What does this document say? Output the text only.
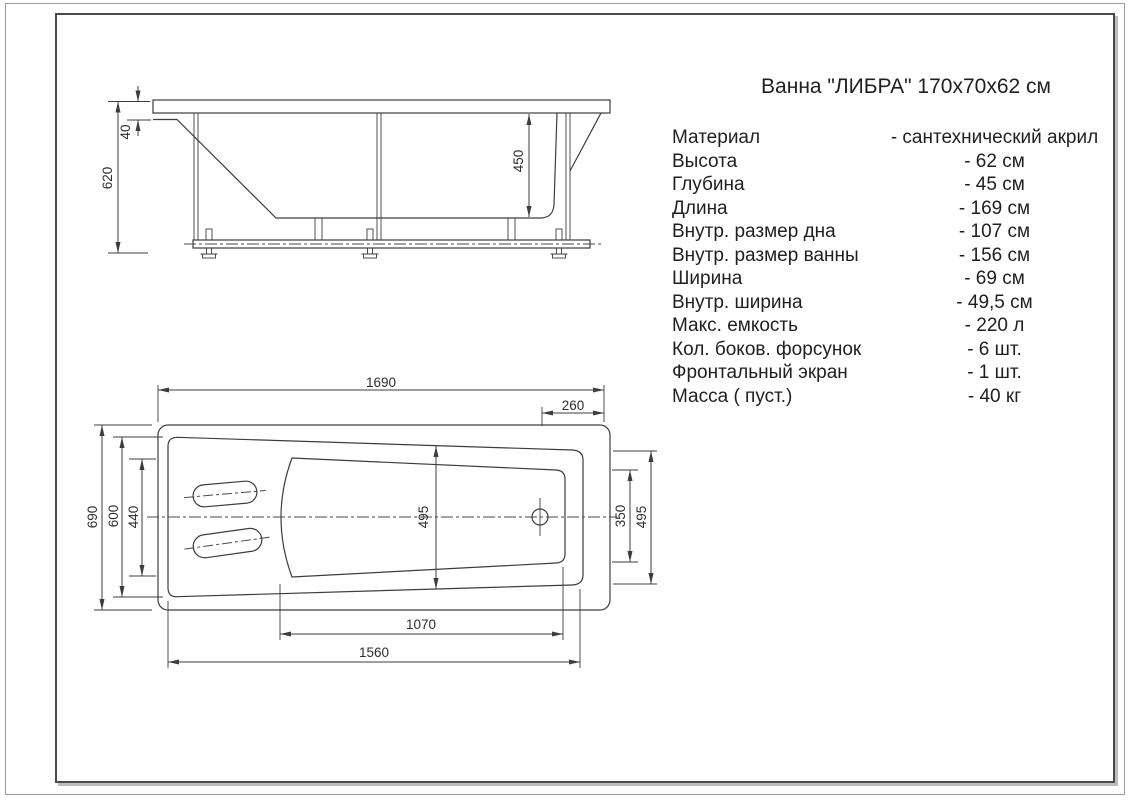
Ванна "ЛИБРА" 170х70х62 см
Материал	- сантехнический акрил
Высота	- 62 см
Глубина	- 45 см
Длина	- 169 см
Внутр. размер дна	- 107 см
Внутр. размер ванны	- 156 см
Ширина	- 69 см
Внутр. ширина	- 49,5 см
Макс. емкость	- 220 л
Кол. боков. форсунок	- 6 шт.
Фронтальный экран	- 1 шт.
Масса ( пуст.)	- 40 кг
620
40
450
1690
260
690 600 440	495	350 495
1070
1560
